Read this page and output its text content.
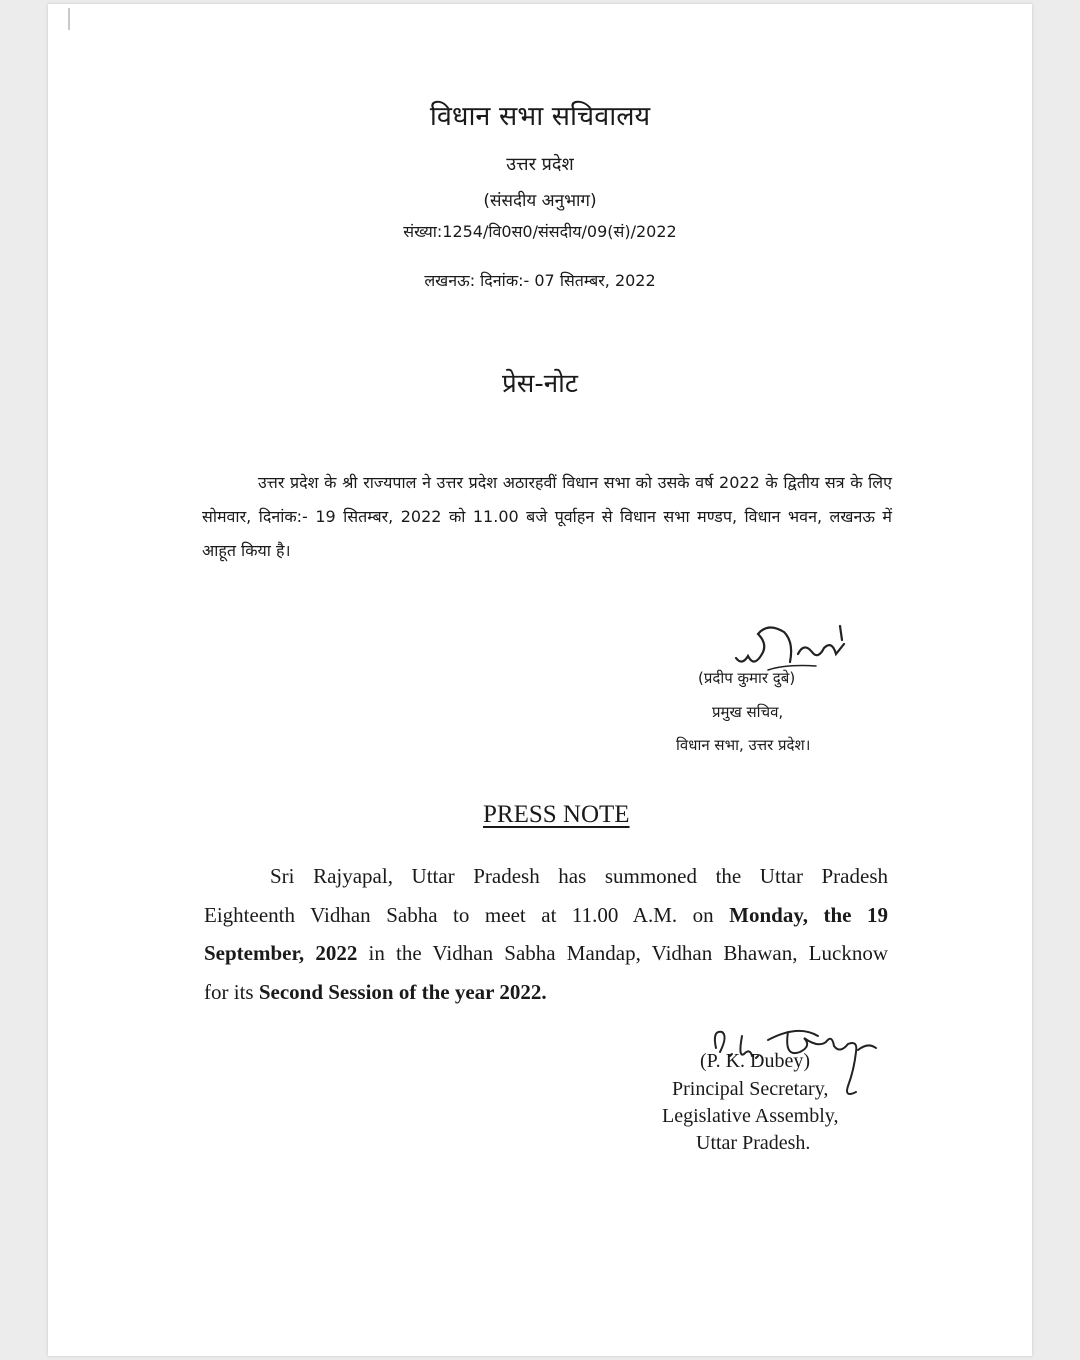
विधान सभा सचिवालय
उत्तर प्रदेश
(संसदीय अनुभाग)
संख्या:1254/वि0स0/संसदीय/09(सं)/2022
लखनऊ: दिनांक:- 07 सितम्बर, 2022
प्रेस-नोट
उत्तर प्रदेश के श्री राज्यपाल ने उत्तर प्रदेश अठारहवीं विधान सभा को उसके वर्ष 2022 के द्वितीय सत्र के लिए सोमवार, दिनांक:- 19 सितम्बर, 2022 को 11.00 बजे पूर्वाहन से विधान सभा मण्डप, विधान भवन, लखनऊ में आहूत किया है।
(प्रदीप कुमार दुबे)
प्रमुख सचिव,
विधान सभा, उत्तर प्रदेश।
PRESS NOTE
Sri Rajyapal, Uttar Pradesh has summoned the Uttar Pradesh
Eighteenth Vidhan Sabha to meet at 11.00 A.M. on Monday, the 19
September, 2022 in the Vidhan Sabha Mandap, Vidhan Bhawan, Lucknow
for its Second Session of the year 2022.
(P. K. Dubey)
Principal Secretary,
Legislative Assembly,
Uttar Pradesh.
